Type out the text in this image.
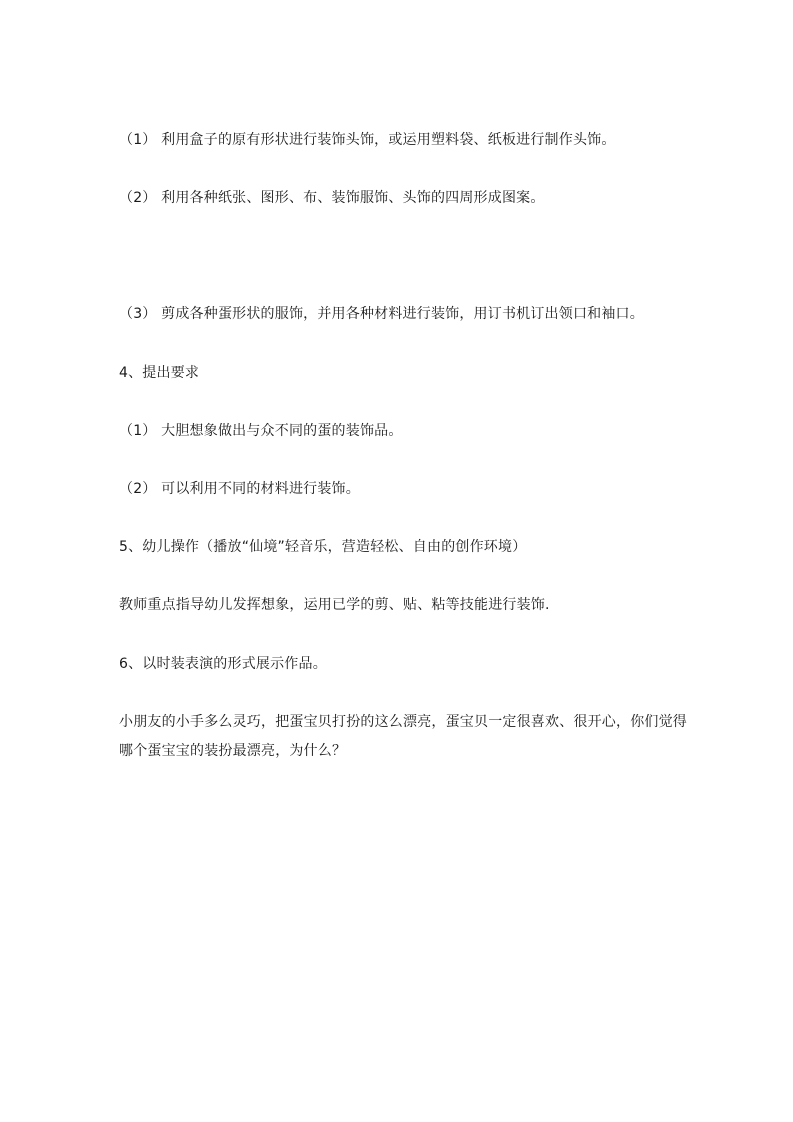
（1） 利用盒子的原有形状进行装饰头饰，或运用塑料袋、纸板进行制作头饰。
（2） 利用各种纸张、图形、布、装饰服饰、头饰的四周形成图案。
（3） 剪成各种蛋形状的服饰，并用各种材料进行装饰，用订书机订出领口和袖口。
4、提出要求
（1） 大胆想象做出与众不同的蛋的装饰品。
（2） 可以利用不同的材料进行装饰。
5、幼儿操作（播放“仙境”轻音乐，营造轻松、自由的创作环境）
教师重点指导幼儿发挥想象，运用已学的剪、贴、粘等技能进行装饰.
6、以时装表演的形式展示作品。
小朋友的小手多么灵巧，把蛋宝贝打扮的这么漂亮，蛋宝贝一定很喜欢、很开心，你们觉得
哪个蛋宝宝的装扮最漂亮，为什么？
